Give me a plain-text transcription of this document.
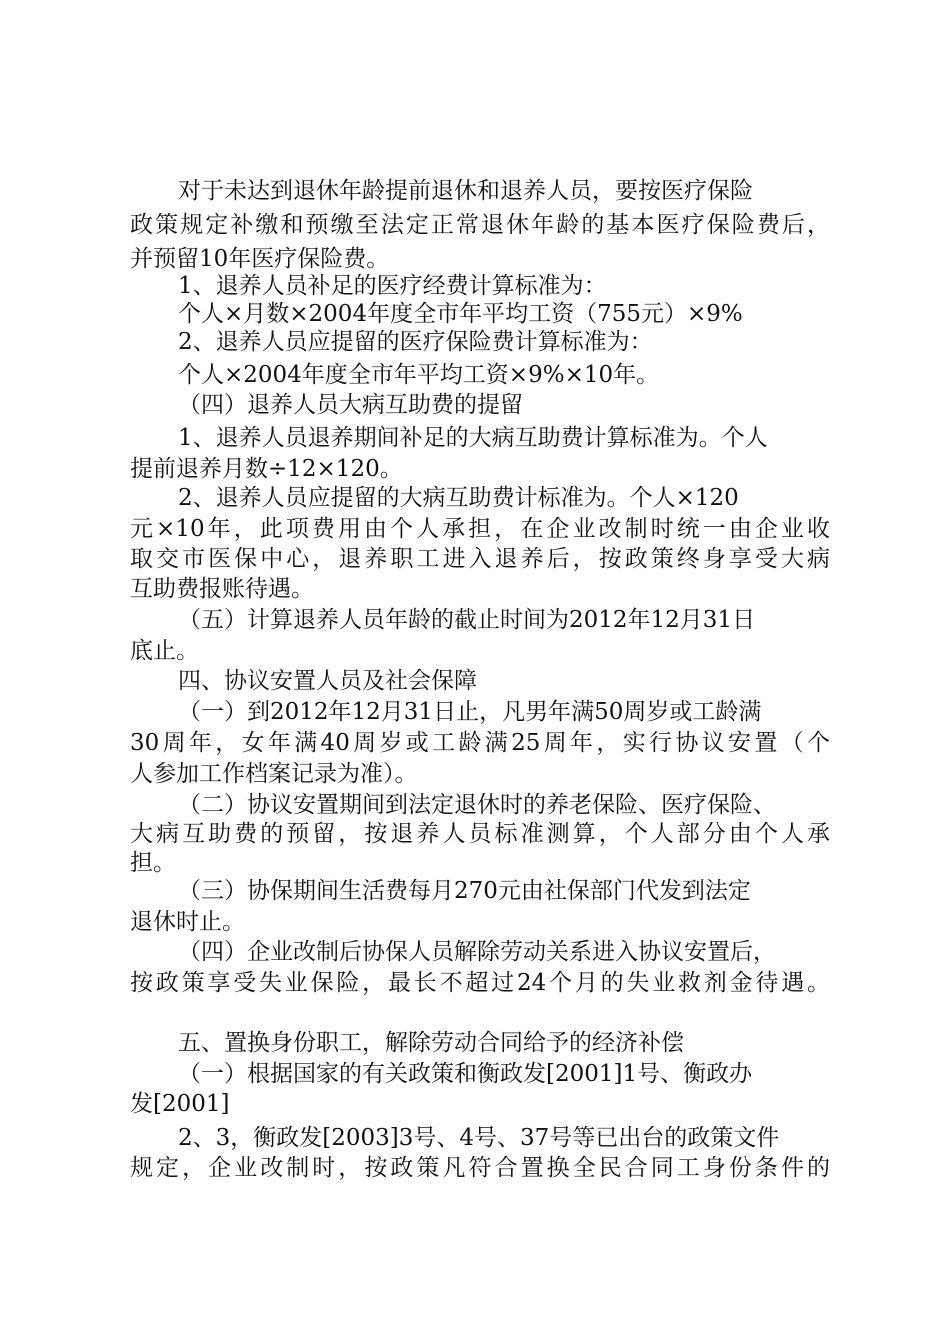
对于未达到退休年龄提前退休和退养人员，要按医疗保险
政策规定补缴和预缴至法定正常退休年龄的基本医疗保险费后，
并预留10年医疗保险费。
1、退养人员补足的医疗经费计算标准为：
个人×月数×2004年度全市年平均工资（755元）×9%
2、退养人员应提留的医疗保险费计算标准为：
个人×2004年度全市年平均工资×9%×10年。
（四）退养人员大病互助费的提留
1、退养人员退养期间补足的大病互助费计算标准为。个人
提前退养月数÷12×120。
2、退养人员应提留的大病互助费计标准为。个人×120
元×10年，此项费用由个人承担，在企业改制时统一由企业收
取交市医保中心，退养职工进入退养后，按政策终身享受大病
互助费报账待遇。
（五）计算退养人员年龄的截止时间为2012年12月31日
底止。
四、协议安置人员及社会保障
（一）到2012年12月31日止，凡男年满50周岁或工龄满
30周年，女年满40周岁或工龄满25周年，实行协议安置（个
人参加工作档案记录为准）。
（二）协议安置期间到法定退休时的养老保险、医疗保险、
大病互助费的预留，按退养人员标准测算，个人部分由个人承
担。
（三）协保期间生活费每月270元由社保部门代发到法定
退休时止。
（四）企业改制后协保人员解除劳动关系进入协议安置后，
按政策享受失业保险，最长不超过24个月的失业救剂金待遇。
五、置换身份职工，解除劳动合同给予的经济补偿
（一）根据国家的有关政策和衡政发[2001]1号、衡政办
发[2001]
2、3，衡政发[2003]3号、4号、37号等已出台的政策文件
规定，企业改制时，按政策凡符合置换全民合同工身份条件的
